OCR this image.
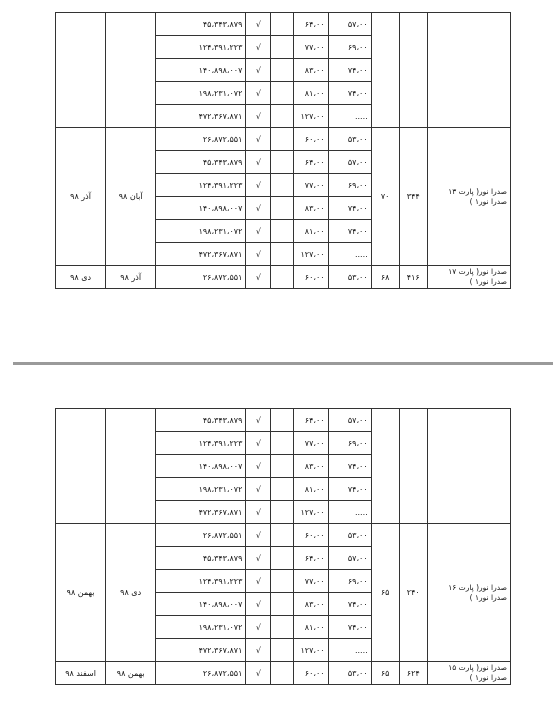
		۴۵،۳۴۳،۸۷۹	√		۶۴،۰۰	۵۷،۰۰			
		۱۲۴،۳۹۱،۲۲۳	√		۷۷،۰۰	۶۹،۰۰			
		۱۴۰،۸۹۸،۰۰۷	√		۸۳،۰۰	۷۴،۰۰			
		۱۹۸،۲۳۱،۰۷۲	√		۸۱،۰۰	۷۴،۰۰			
		۴۷۲،۳۶۷،۸۷۱	√		۱۲۷،۰۰	.....			
آذر ۹۸	آبان ۹۸	۲۶،۸۷۲،۵۵۱	√		۶۰،۰۰	۵۳،۰۰	۷۰	۳۴۴	صدرا نور( پارت ۱۳ صدرا نور۱ )
		۴۵،۳۴۳،۸۷۹	√		۶۴،۰۰	۵۷،۰۰			
		۱۲۴،۳۹۱،۲۲۳	√		۷۷،۰۰	۶۹،۰۰			
		۱۴۰،۸۹۸،۰۰۷	√		۸۳،۰۰	۷۴،۰۰			
		۱۹۸،۲۳۱،۰۷۲	√		۸۱،۰۰	۷۴،۰۰			
		۴۷۲،۳۶۷،۸۷۱	√		۱۲۷،۰۰	.....			
دی ۹۸	آذر ۹۸	۲۶،۸۷۲،۵۵۱	√		۶۰،۰۰	۵۳،۰۰	۶۸	۴۱۶	صدرا نور( پارت ۱۷ صدرا نور۱ )
		۴۵،۳۴۳،۸۷۹	√		۶۴،۰۰	۵۷،۰۰			
		۱۲۴،۳۹۱،۲۲۳	√		۷۷،۰۰	۶۹،۰۰			
		۱۴۰،۸۹۸،۰۰۷	√		۸۳،۰۰	۷۴،۰۰			
		۱۹۸،۲۳۱،۰۷۲	√		۸۱،۰۰	۷۴،۰۰			
		۴۷۲،۳۶۷،۸۷۱	√		۱۲۷،۰۰	.....			
بهمن ۹۸	دی ۹۸	۲۶،۸۷۲،۵۵۱	√		۶۰،۰۰	۵۳،۰۰	۶۵	۲۴۰	صدرا نور( پارت ۱۶ صدرا نور۱ )
		۴۵،۳۴۳،۸۷۹	√		۶۴،۰۰	۵۷،۰۰			
		۱۲۴،۳۹۱،۲۲۳	√		۷۷،۰۰	۶۹،۰۰			
		۱۴۰،۸۹۸،۰۰۷	√		۸۳،۰۰	۷۴،۰۰			
		۱۹۸،۲۳۱،۰۷۲	√		۸۱،۰۰	۷۴،۰۰			
		۴۷۲،۳۶۷،۸۷۱	√		۱۲۷،۰۰	.....			
اسفند ۹۸	بهمن ۹۸	۲۶،۸۷۲،۵۵۱	√		۶۰،۰۰	۵۳،۰۰	۶۵	۶۲۴	صدرا نور( پارت ۱۵ صدرا نور۱ )
